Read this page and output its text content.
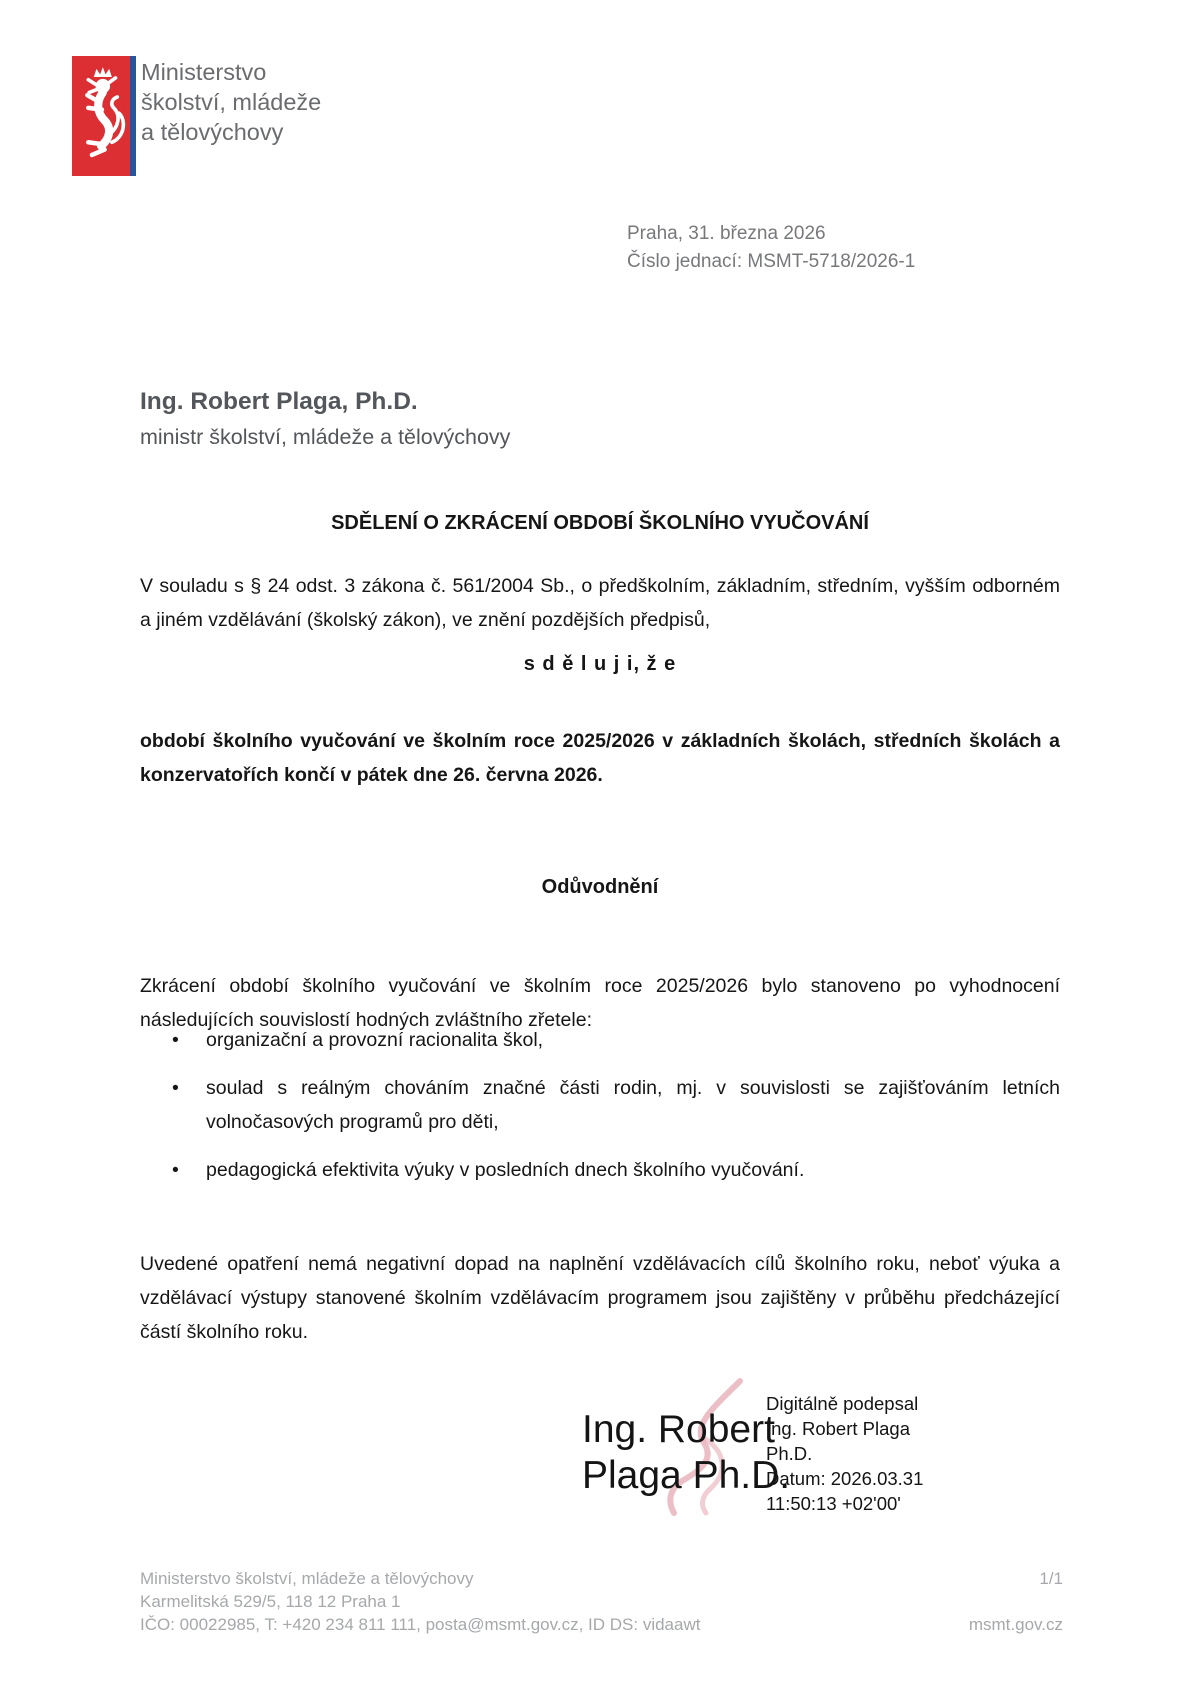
Ministerstvo
školství, mládeže
a tělovýchovy
Praha, 31. března 2026
Číslo jednací: MSMT-5718/2026-1
Ing. Robert Plaga, Ph.D.
ministr školství, mládeže a tělovýchovy
SDĚLENÍ O ZKRÁCENÍ OBDOBÍ ŠKOLNÍHO VYUČOVÁNÍ

V souladu s § 24 odst. 3 zákona č. 561/2004 Sb., o předškolním, základním, středním, vyšším odborném a jiném vzdělávání (školský zákon), ve znění pozdějších předpisů,

s d ě l u j i, ž e

období školního vyučování ve školním roce 2025/2026 v základních školách, středních školách a konzervatořích končí v pátek dne 26. června 2026.

Odůvodnění

Zkrácení období školního vyučování ve školním roce 2025/2026 bylo stanoveno po vyhodnocení následujících souvislostí hodných zvláštního zřetele:

• organizační a provozní racionalita škol,
• soulad s reálným chováním značné části rodin, mj. v souvislosti se zajišťováním letních volnočasových programů pro děti,
• pedagogická efektivita výuky v posledních dnech školního vyučování.

Uvedené opatření nemá negativní dopad na naplnění vzdělávacích cílů školního roku, neboť výuka a vzdělávací výstupy stanovené školním vzdělávacím programem jsou zajištěny v průběhu předcházející částí školního roku.

Ing. Robert
Plaga Ph.D.
Digitálně podepsal
Ing. Robert Plaga
Ph.D.
Datum: 2026.03.31
11:50:13 +02'00'
Ministerstvo školství, mládeže a tělovýchovy
Karmelitská 529/5, 118 12 Praha 1
IČO: 00022985, T: +420 234 811 111, posta@msmt.gov.cz, ID DS: vidaawt
1/1
msmt.gov.cz
